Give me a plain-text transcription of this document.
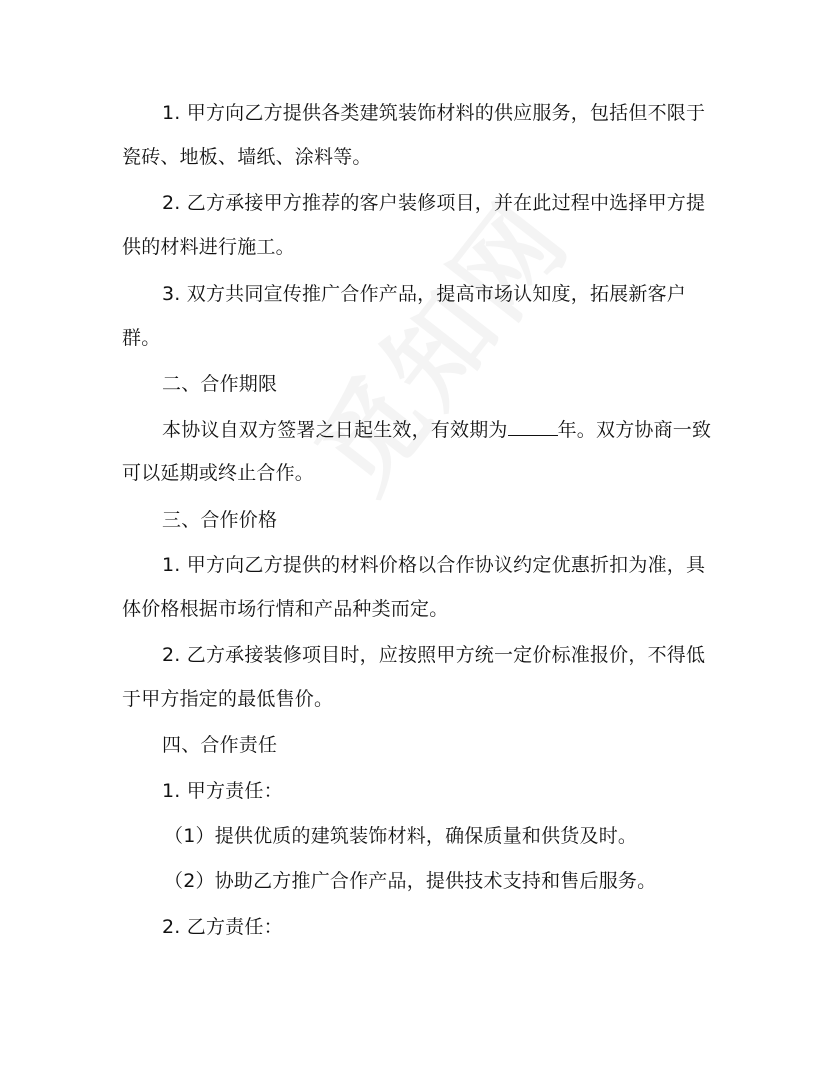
1. 甲方向乙方提供各类建筑装饰材料的供应服务，包括但不限于
瓷砖、地板、墙纸、涂料等。
2. 乙方承接甲方推荐的客户装修项目，并在此过程中选择甲方提
供的材料进行施工。
3. 双方共同宣传推广合作产品，提高市场认知度，拓展新客户
群。
二、合作期限
本协议自双方签署之日起生效，有效期为	年。双方协商一致
可以延期或终止合作。
三、合作价格
1. 甲方向乙方提供的材料价格以合作协议约定优惠折扣为准，具
体价格根据市场行情和产品种类而定。
2. 乙方承接装修项目时，应按照甲方统一定价标准报价，不得低
于甲方指定的最低售价。
四、合作责任
1. 甲方责任：
（1）提供优质的建筑装饰材料，确保质量和供货及时。
（2）协助乙方推广合作产品，提供技术支持和售后服务。
2. 乙方责任：
